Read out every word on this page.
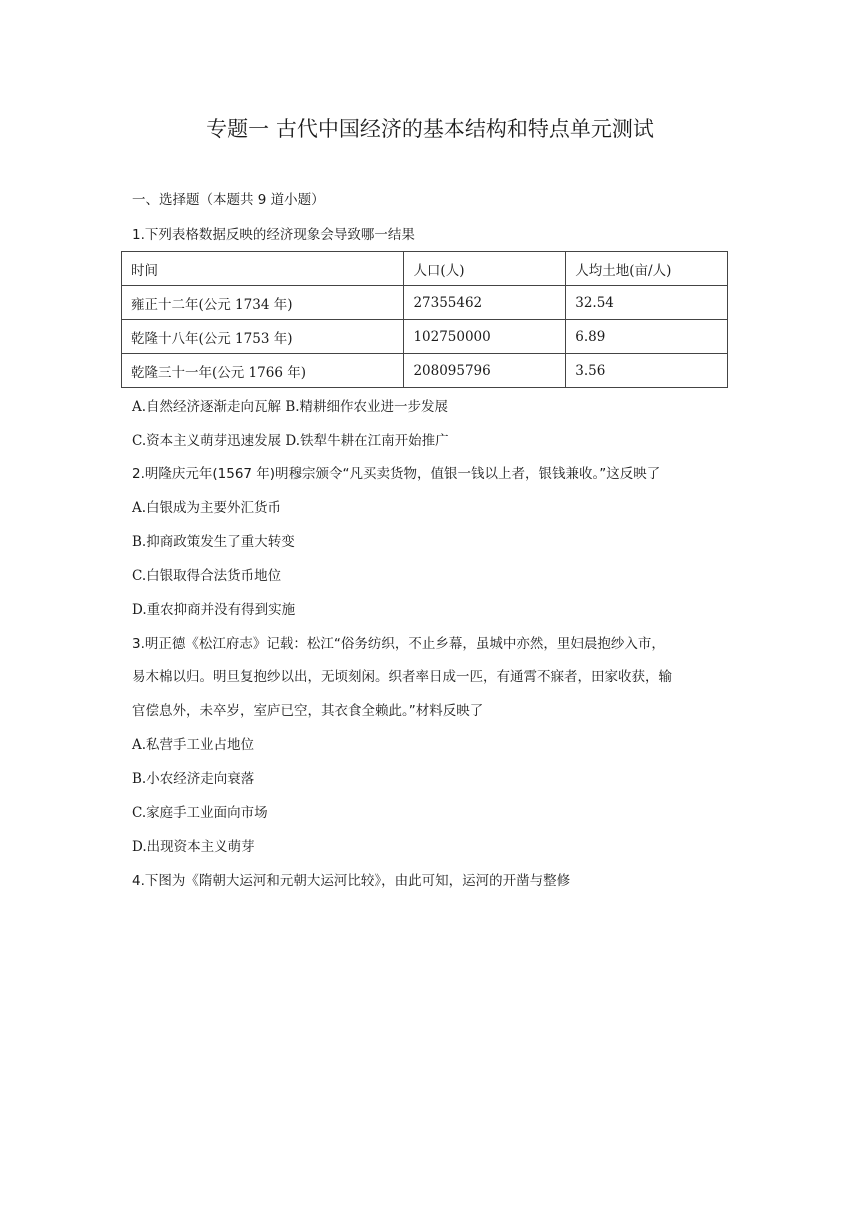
专题一 古代中国经济的基本结构和特点单元测试
一、选择题（本题共 9 道小题）
1.下列表格数据反映的经济现象会导致哪一结果
时间	人口(人)	人均土地(亩/人)
雍正十二年(公元 1734 年)	27355462	32.54
乾隆十八年(公元 1753 年)	102750000	6.89
乾隆三十一年(公元 1766 年)	208095796	3.56
A.自然经济逐渐走向瓦解 B.精耕细作农业进一步发展
C.资本主义萌芽迅速发展 D.铁犁牛耕在江南开始推广
2.明隆庆元年(1567 年)明穆宗颁令“凡买卖货物，值银一钱以上者，银钱兼收。”这反映了
A.白银成为主要外汇货币
B.抑商政策发生了重大转变
C.白银取得合法货币地位
D.重农抑商并没有得到实施
3.明正德《松江府志》记载：松江“俗务纺织，不止乡幕，虽城中亦然，里妇晨抱纱入市，
易木棉以归。明旦复抱纱以出，无顷刻闲。织者率日成一匹，有通霄不寐者，田家收获，输
官偿息外，未卒岁，室庐已空，其衣食全赖此。”材料反映了
A.私营手工业占地位
B.小农经济走向衰落
C.家庭手工业面向市场
D.出现资本主义萌芽
4.下图为《隋朝大运河和元朝大运河比较》，由此可知，运河的开凿与整修
